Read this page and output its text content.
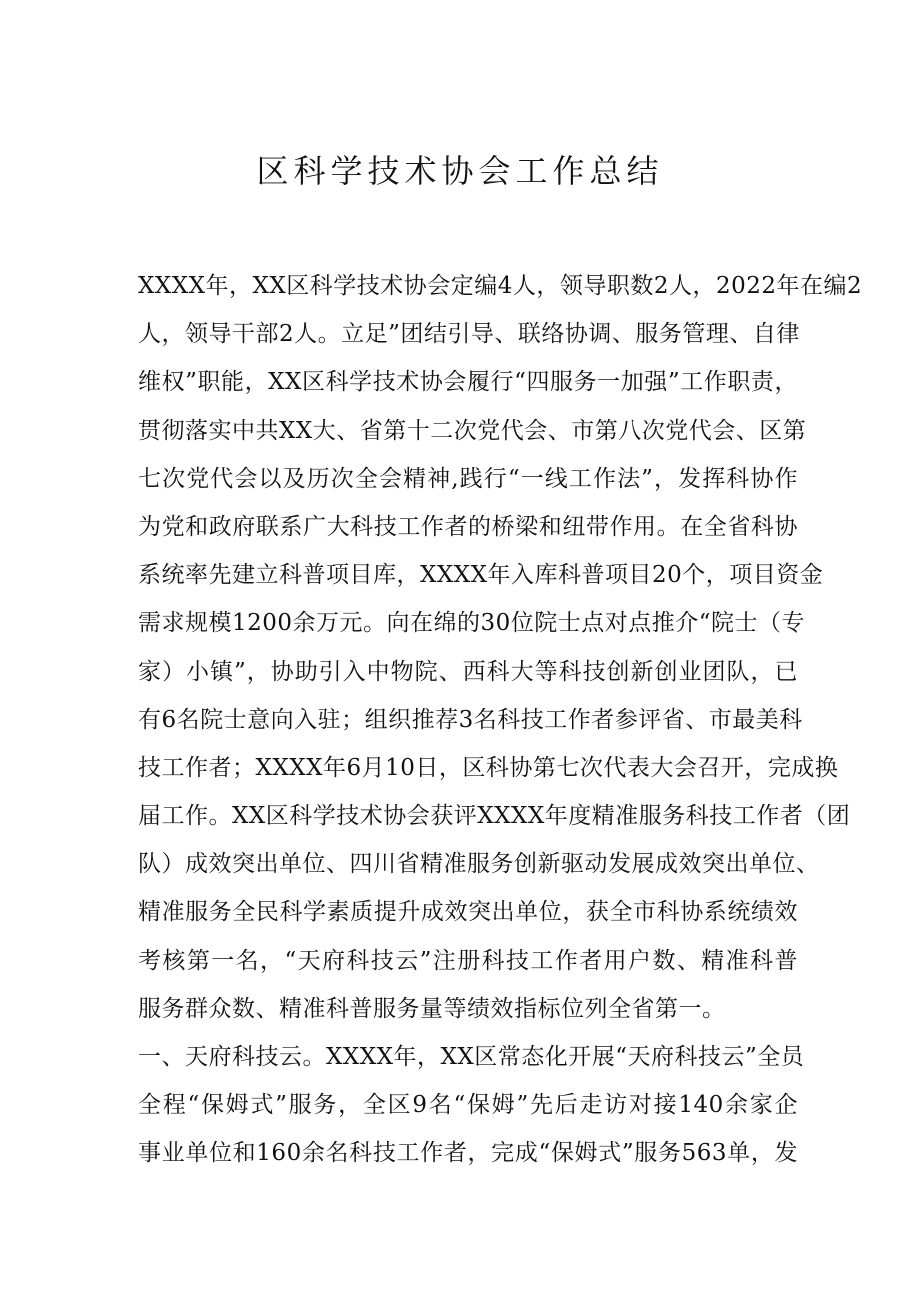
区科学技术协会工作总结
XXXX年，XX区科学技术协会定编4人，领导职数2人，2022年在编2
人，领导干部2人。立足”团结引导、联络协调、服务管理、自律
维权”职能，XX区科学技术协会履行“四服务一加强”工作职责，
贯彻落实中共XX大、省第十二次党代会、市第八次党代会、区第
七次党代会以及历次全会精神,践行“一线工作法”，发挥科协作
为党和政府联系广大科技工作者的桥梁和纽带作用。在全省科协
系统率先建立科普项目库，XXXX年入库科普项目20个，项目资金
需求规模1200余万元。向在绵的30位院士点对点推介“院士（专
家）小镇”，协助引入中物院、西科大等科技创新创业团队，已
有6名院士意向入驻；组织推荐3名科技工作者参评省、市最美科
技工作者；XXXX年6月10日，区科协第七次代表大会召开，完成换
届工作。XX区科学技术协会获评XXXX年度精准服务科技工作者（团
队）成效突出单位、四川省精准服务创新驱动发展成效突出单位、
精准服务全民科学素质提升成效突出单位，获全市科协系统绩效
考核第一名，“天府科技云”注册科技工作者用户数、精准科普
服务群众数、精准科普服务量等绩效指标位列全省第一。
一、天府科技云。XXXX年，XX区常态化开展“天府科技云”全员
全程“保姆式”服务，全区9名“保姆”先后走访对接140余家企
事业单位和160余名科技工作者，完成“保姆式”服务563单，发
